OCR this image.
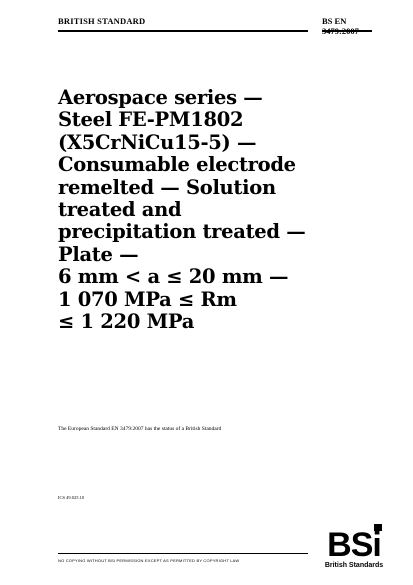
BRITISH STANDARD	BS EN
Aerospace series —
Steel FE-PM1802
(X5CrNiCu15-5) —
Consumable electrode
remelted — Solution
treated and
precipitation treated —
Plate —
6 mm < a ≤ 20 mm —
1 070 MPa ≤ Rm
≤ 1 220 MPa
The European Standard EN 3479:2007 has the status of a British Standard
ICS 49.025.10
NO COPYING WITHOUT BSI PERMISSION EXCEPT AS PERMITTED BY COPYRIGHT LAW	BSi
British Standards
